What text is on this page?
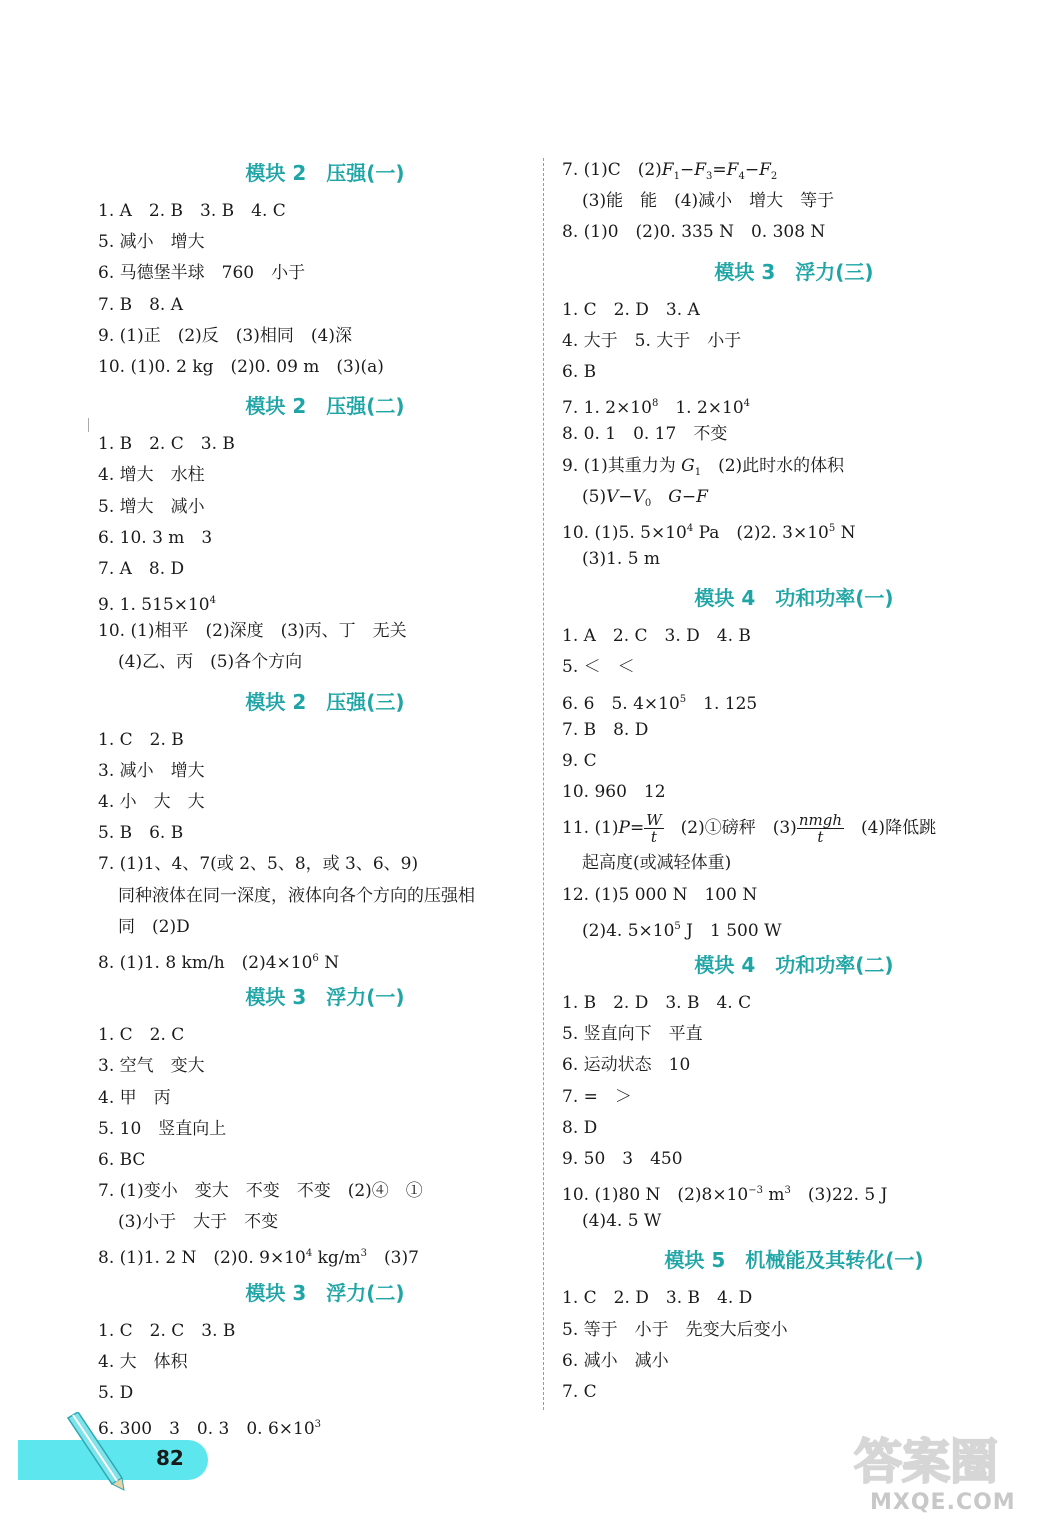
模块 2　压强(一)
1. A　2. B　3. B　4. C
5. 减小　增大
6. 马德堡半球　760　小于
7. B　8. A
9. (1)正　(2)反　(3)相同　(4)深
10. (1)0. 2 kg　(2)0. 09 m　(3)(a)
模块 2　压强(二)
1. B　2. C　3. B
4. 增大　水柱
5. 增大　减小
6. 10. 3 m　3
7. A　8. D
9. 1. $515\times 10^4$
10. (1)相平　(2)深度　(3)丙、丁　无关
(4)乙、丙　(5)各个方向
模块 2　压强(三)
1. C　2. B
3. 减小　增大
4. 小　大　大
5. B　6. B
7. (1)1、4、7(或 2、5、8，或 3、6、9)
同种液体在同一深度，液体向各个方向的压强相
同　(2)D
8. (1)1. 8 km/h　$(2)4\times 10^6$ N
模块 3　浮力(一)
1. C　2. C
3. 空气　变大
4. 甲　丙
5. 10　竖直向上
6. BC
7. (1)变小　变大　不变　不变　(2)④　①
(3)小于　大于　不变
8. (1)1. 2 N　(2)0. $9\times 10^4$ $kg/m^3$　(3)7
模块 3　浮力(二)
1. C　2. C　3. B
4. 大　体积
5. D
6. 300　3　0. 3　0. $6\times 10^3$
7. (1)C　$(2)F_1-F_3=F_4-F_2$
(3)能　能　(4)减小　增大　等于
8. (1)0　(2)0. 335 N　0. 308 N
模块 3　浮力(三)
1. C　2. D　3. A
4. 大于　5. 大于　小于
6. B
7. 1. $2\times 10^8$　1. $2\times 10^4$
8. 0. 1　0. 17　不变
9. (1)其重力为 $G_1$　(2)此时水的体积
$(5)V-V_0$　 G−F
10. (1)5. $5\times 10^4$ Pa　(2)2. $3\times 10^5$ N
(3)1. 5 m
模块 4　功和功率(一)
1. A　2. C　3. D　4. B
5. ＜　＜
6. 6　5. $4\times 10^5$　1. 125
7. B　8. D
9. C
10. 960　12
11. $(1)P= \frac{W}{t}$ 　(2)①磅秤　$(3) \frac{\text{nmgh}}{t}$ 　(4)降低跳
起高度(或减轻体重)
12. (1)5 000 N　100 N
(2)4. $5\times 10^5$ J　1 500 W
模块 4　功和功率(二)
1. B　2. D　3. B　4. C
5. 竖直向下　平直
6. 运动状态　10
7. =　＞
8. D
9. 50　3　450
10. (1)80 N　$(2)8\times 10^{-3}$ $m^3$　(3)22. 5 J
(4)4. 5 W
模块 5　机械能及其转化(一)
1. C　2. D　3. B　4. D
5. 等于　小于　先变大后变小
6. 减小　减小
7. C
82	答案圈
MXQE.COM
